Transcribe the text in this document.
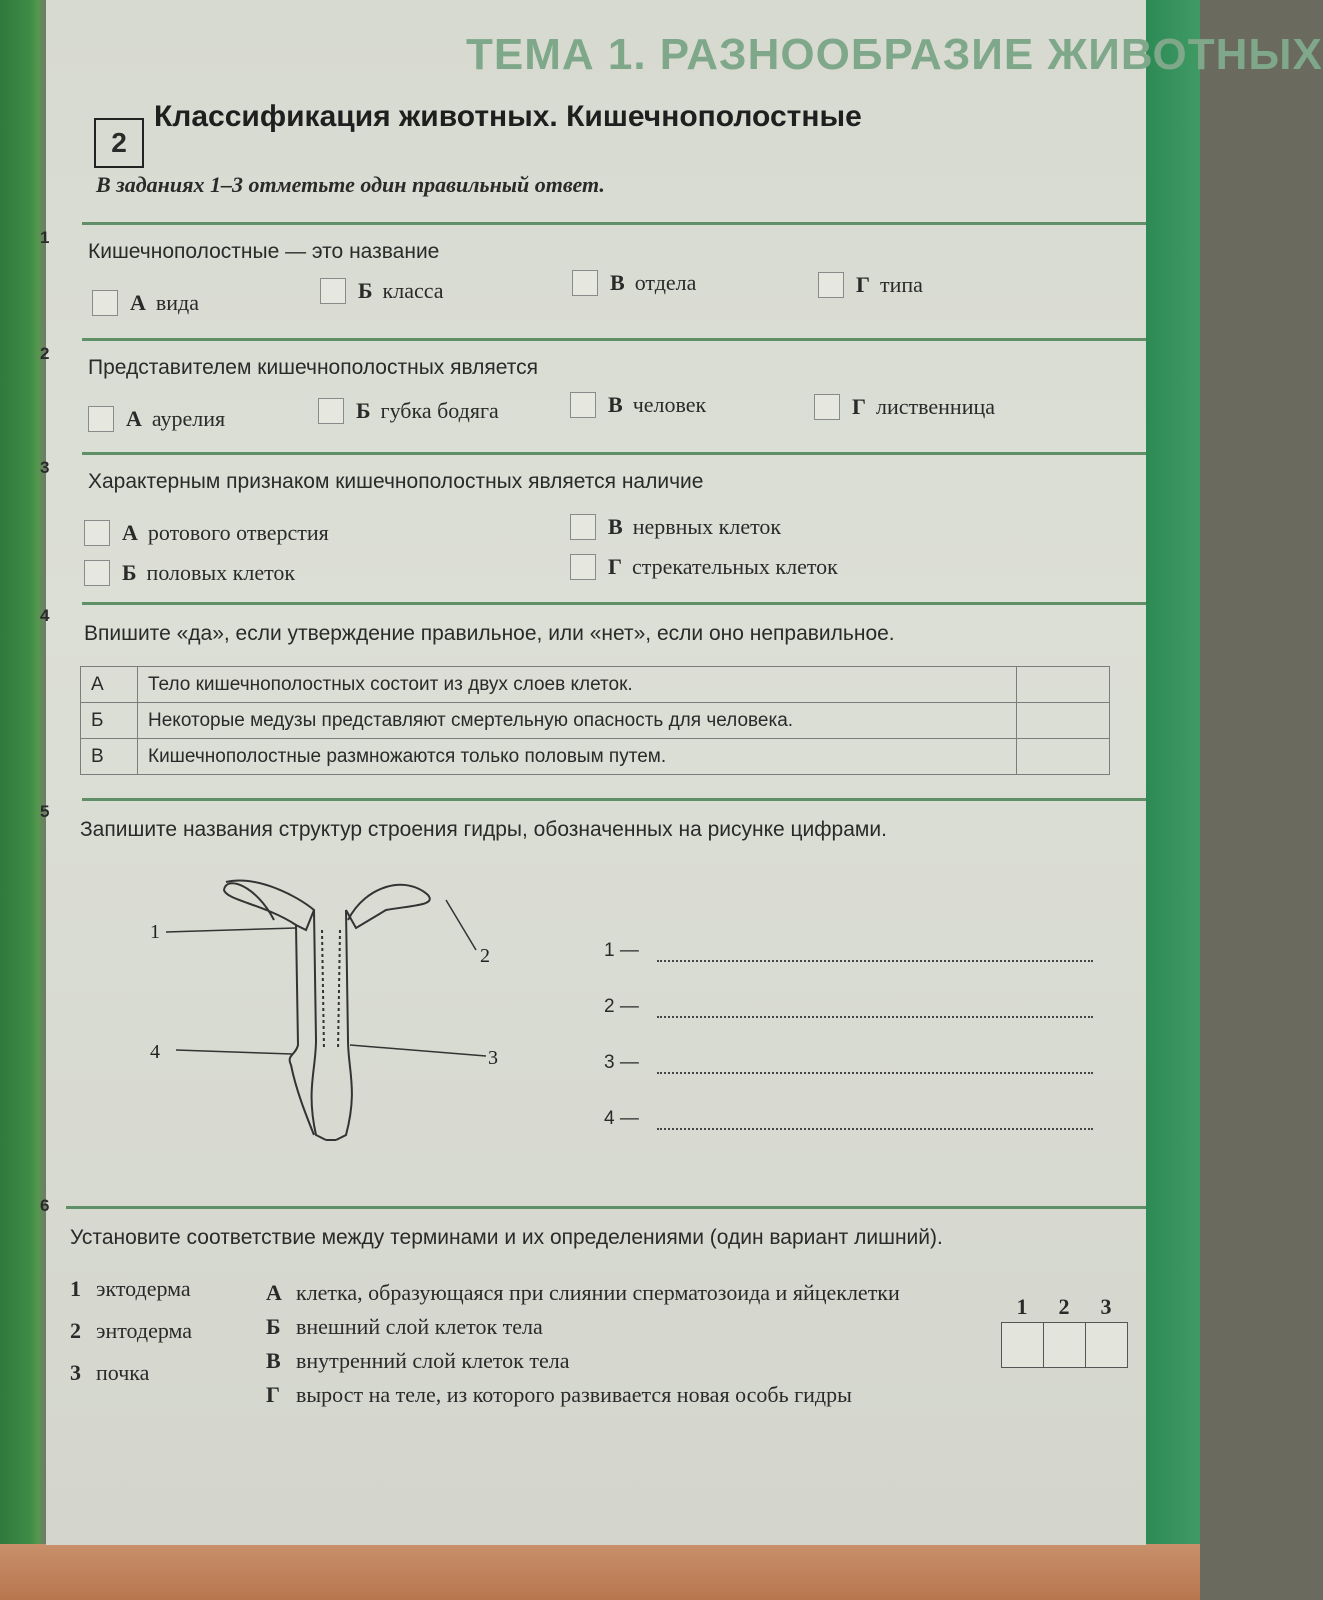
ТЕМА 1. РАЗНООБРАЗИЕ ЖИВОТНЫХ
2
Классификация животных. Кишечнополостные
В заданиях 1–3 отметьте один правильный ответ.
1
Кишечнополостные — это название
А вида	Б класса	В отдела	Г типа
2
Представителем кишечнополостных является
А аурелия	Б губка бодяга	В человек	Г лиственница
3
Характерным признаком кишечнополостных является наличие
А ротового отверстия
Б половых клеток
В нервных клеток
Г стрекательных клеток
4
Впишите «да», если утверждение правильное, или «нет», если оно неправильное.
А	Тело кишечнополостных состоит из двух слоев клеток.	
Б	Некоторые медузы представляют смертельную опасность для человека.	
В	Кишечнополостные размножаются только половым путем.	
5
Запишите названия структур строения гидры, обозначенных на рисунке цифрами.
1
2
3
4
1 —
2 —
3 —
4 —
6
Установите соответствие между терминами и их определениями (один вариант лишний).
1 эктодерма
2 энтодерма
3 почка
А клетка, образующаяся при слиянии сперматозоида и яйцеклетки
Б внешний слой клеток тела
В внутренний слой клеток тела
Г вырост на теле, из которого развивается новая особь гидры
1 2 3
